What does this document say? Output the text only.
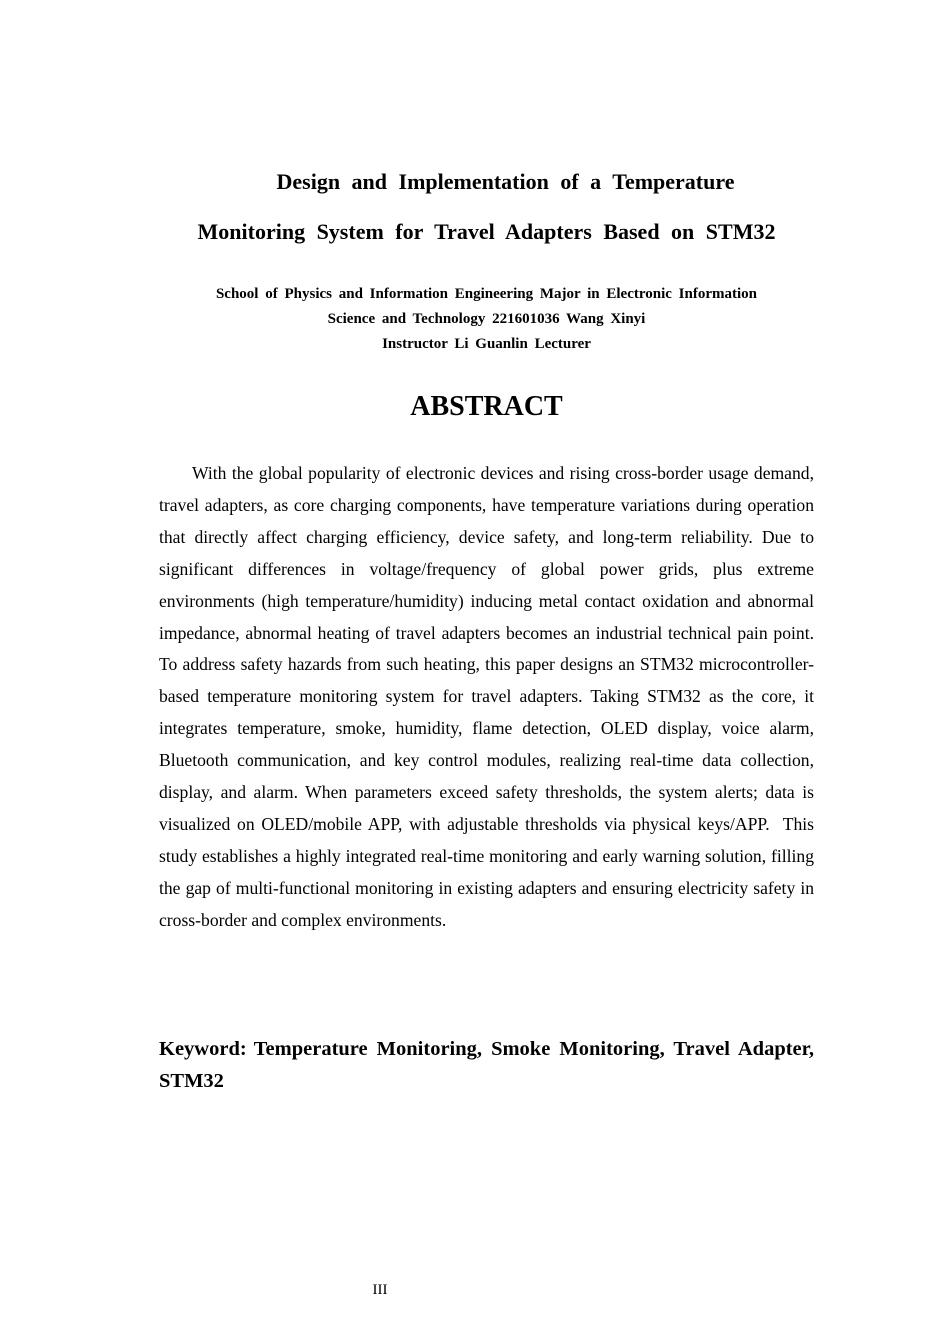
Design and Implementation of a Temperature
Monitoring System for Travel Adapters Based on STM32
School of Physics and Information Engineering Major in Electronic Information
Science and Technology 221601036 Wang Xinyi
Instructor Li Guanlin Lecturer
ABSTRACT
With the global popularity of electronic devices and rising cross-border usage demand, travel adapters, as core charging components, have temperature variations during operation that directly affect charging efficiency, device safety, and long-term reliability. Due to significant differences in voltage/frequency of global power grids, plus extreme environments (high temperature/humidity) inducing metal contact oxidation and abnormal impedance, abnormal heating of travel adapters becomes an industrial technical pain point.  To address safety hazards from such heating, this paper designs an STM32 microcontroller-based temperature monitoring system for travel adapters. Taking STM32 as the core, it integrates temperature, smoke, humidity, flame detection, OLED display, voice alarm, Bluetooth communication, and key control modules, realizing real-time data collection, display, and alarm. When parameters exceed safety thresholds, the system alerts; data is visualized on OLED/mobile APP, with adjustable thresholds via physical keys/APP.  This study establishes a highly integrated real-time monitoring and early warning solution, filling the gap of multi-functional monitoring in existing adapters and ensuring electricity safety in cross-border and complex environments.
Keyword: Temperature Monitoring, Smoke Monitoring, Travel Adapter, STM32
III
